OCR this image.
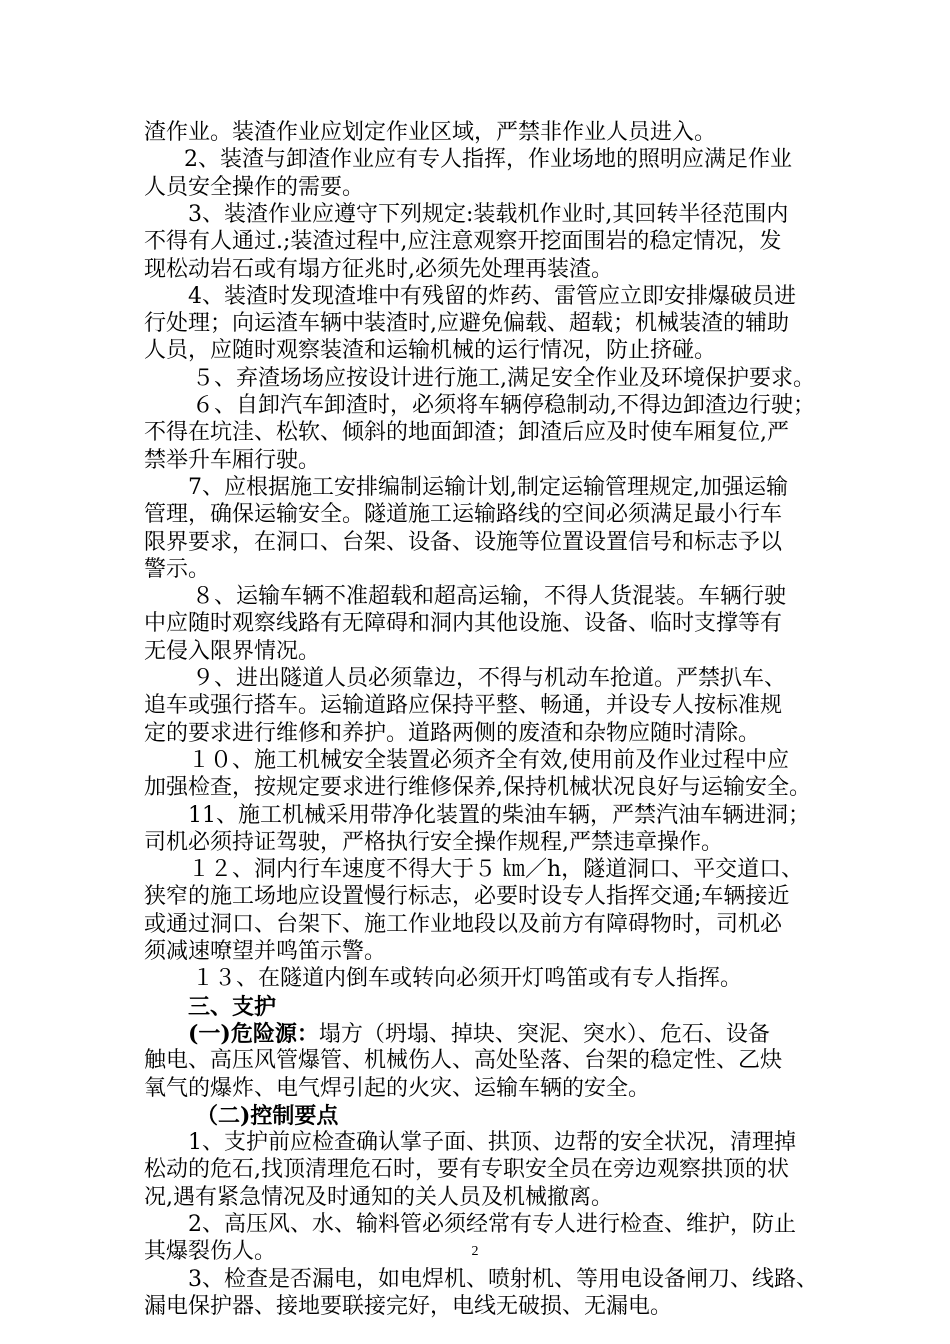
2
渣作业。装渣作业应划定作业区域，严禁非作业人员进入。
2、装渣与卸渣作业应有专人指挥，作业场地的照明应满足作业
人员安全操作的需要。
3、装渣作业应遵守下列规定:装载机作业时,其回转半径范围内
不得有人通过.;装渣过程中,应注意观察开挖面围岩的稳定情况，发
现松动岩石或有塌方征兆时,必须先处理再装渣。
4、装渣时发现渣堆中有残留的炸药、雷管应立即安排爆破员进
行处理；向运渣车辆中装渣时,应避免偏载、超载；机械装渣的辅助
人员，应随时观察装渣和运输机械的运行情况，防止挤碰。
５、弃渣场场应按设计进行施工,满足安全作业及环境保护要求。
６、自卸汽车卸渣时，必须将车辆停稳制动,不得边卸渣边行驶；
不得在坑洼、松软、倾斜的地面卸渣；卸渣后应及时使车厢复位,严
禁举升车厢行驶。
7、应根据施工安排编制运输计划,制定运输管理规定,加强运输
管理，确保运输安全。隧道施工运输路线的空间必须满足最小行车
限界要求，在洞口、台架、设备、设施等位置设置信号和标志予以
警示。
８、运输车辆不准超载和超高运输，不得人货混装。车辆行驶
中应随时观察线路有无障碍和洞内其他设施、设备、临时支撑等有
无侵入限界情况。
９、进出隧道人员必须靠边，不得与机动车抢道。严禁扒车、
追车或强行搭车。运输道路应保持平整、畅通，并设专人按标准规
定的要求进行维修和养护。道路两侧的废渣和杂物应随时清除。
１０、施工机械安全装置必须齐全有效,使用前及作业过程中应
加强检查，按规定要求进行维修保养,保持机械状况良好与运输安全。
11、施工机械采用带净化装置的柴油车辆，严禁汽油车辆进洞；
司机必须持证驾驶，严格执行安全操作规程,严禁违章操作。
１２、洞内行车速度不得大于５ ㎞／h，隧道洞口、平交道口、
狭窄的施工场地应设置慢行标志，必要时设专人指挥交通;车辆接近
或通过洞口、台架下、施工作业地段以及前方有障碍物时，司机必
须减速嘹望并鸣笛示警。
１３、在隧道内倒车或转向必须开灯鸣笛或有专人指挥。
三、支护
(一)危险源：塌方（坍塌、掉块、突泥、突水）、危石、设备
触电、高压风管爆管、机械伤人、高处坠落、台架的稳定性、乙炔
氧气的爆炸、电气焊引起的火灾、运输车辆的安全。
（二)控制要点
1、支护前应检查确认掌子面、拱顶、边帮的安全状况，清理掉
松动的危石,找顶清理危石时，要有专职安全员在旁边观察拱顶的状
况,遇有紧急情况及时通知的关人员及机械撤离。
2、高压风、水、输料管必须经常有专人进行检查、维护，防止
其爆裂伤人。
3、检查是否漏电，如电焊机、喷射机、等用电设备闸刀、线路、
漏电保护器、接地要联接完好，电线无破损、无漏电。
